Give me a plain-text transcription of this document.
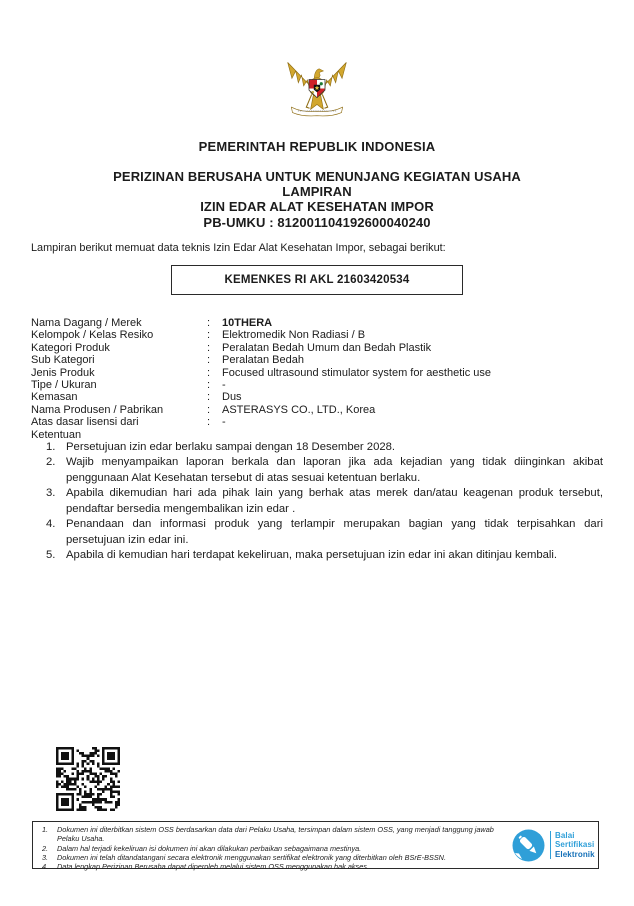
PEMERINTAH REPUBLIK INDONESIA
PERIZINAN BERUSAHA UNTUK MENUNJANG KEGIATAN USAHA
LAMPIRAN
IZIN EDAR ALAT KESEHATAN IMPOR
PB-UMKU : 812001104192600040240
Lampiran berikut memuat data teknis Izin Edar Alat Kesehatan Impor, sebagai berikut:
KEMENKES RI AKL 21603420534
Nama Dagang / Merek	:	10THERA
Kelompok / Kelas Resiko	:	Elektromedik Non Radiasi / B
Kategori Produk	:	Peralatan Bedah Umum dan Bedah Plastik
Sub Kategori	:	Peralatan Bedah
Jenis Produk	:	Focused ultrasound stimulator system for aesthetic use
Tipe / Ukuran	:	-
Kemasan	:	Dus
Nama Produsen / Pabrikan	:	ASTERASYS CO., LTD., Korea
Atas dasar lisensi dari	:	-
Ketentuan
1. Persetujuan izin edar berlaku sampai dengan 18 Desember 2028.
2. Wajib menyampaikan laporan berkala dan laporan jika ada kejadian yang tidak diinginkan akibat penggunaan Alat Kesehatan tersebut di atas sesuai ketentuan berlaku.
3. Apabila dikemudian hari ada pihak lain yang berhak atas merek dan/atau keagenan produk tersebut, pendaftar bersedia mengembalikan izin edar .
4. Penandaan dan informasi produk yang terlampir merupakan bagian yang tidak terpisahkan dari persetujuan izin edar ini.
5. Apabila di kemudian hari terdapat kekeliruan, maka persetujuan izin edar ini akan ditinjau kembali.
1.	Dokumen ini diterbitkan sistem OSS berdasarkan data dari Pelaku Usaha, tersimpan dalam sistem OSS, yang menjadi tanggung jawab Pelaku Usaha.
2.	Dalam hal terjadi kekeliruan isi dokumen ini akan dilakukan perbaikan sebagaimana mestinya.
3.	Dokumen ini telah ditandatangani secara elektronik menggunakan sertifikat elektronik yang diterbitkan oleh BSrE-BSSN.
4.	Data lengkap Perizinan Berusaha dapat diperoleh melalui sistem OSS menggunakan hak akses.
Balai
Sertifikasi
Elektronik
